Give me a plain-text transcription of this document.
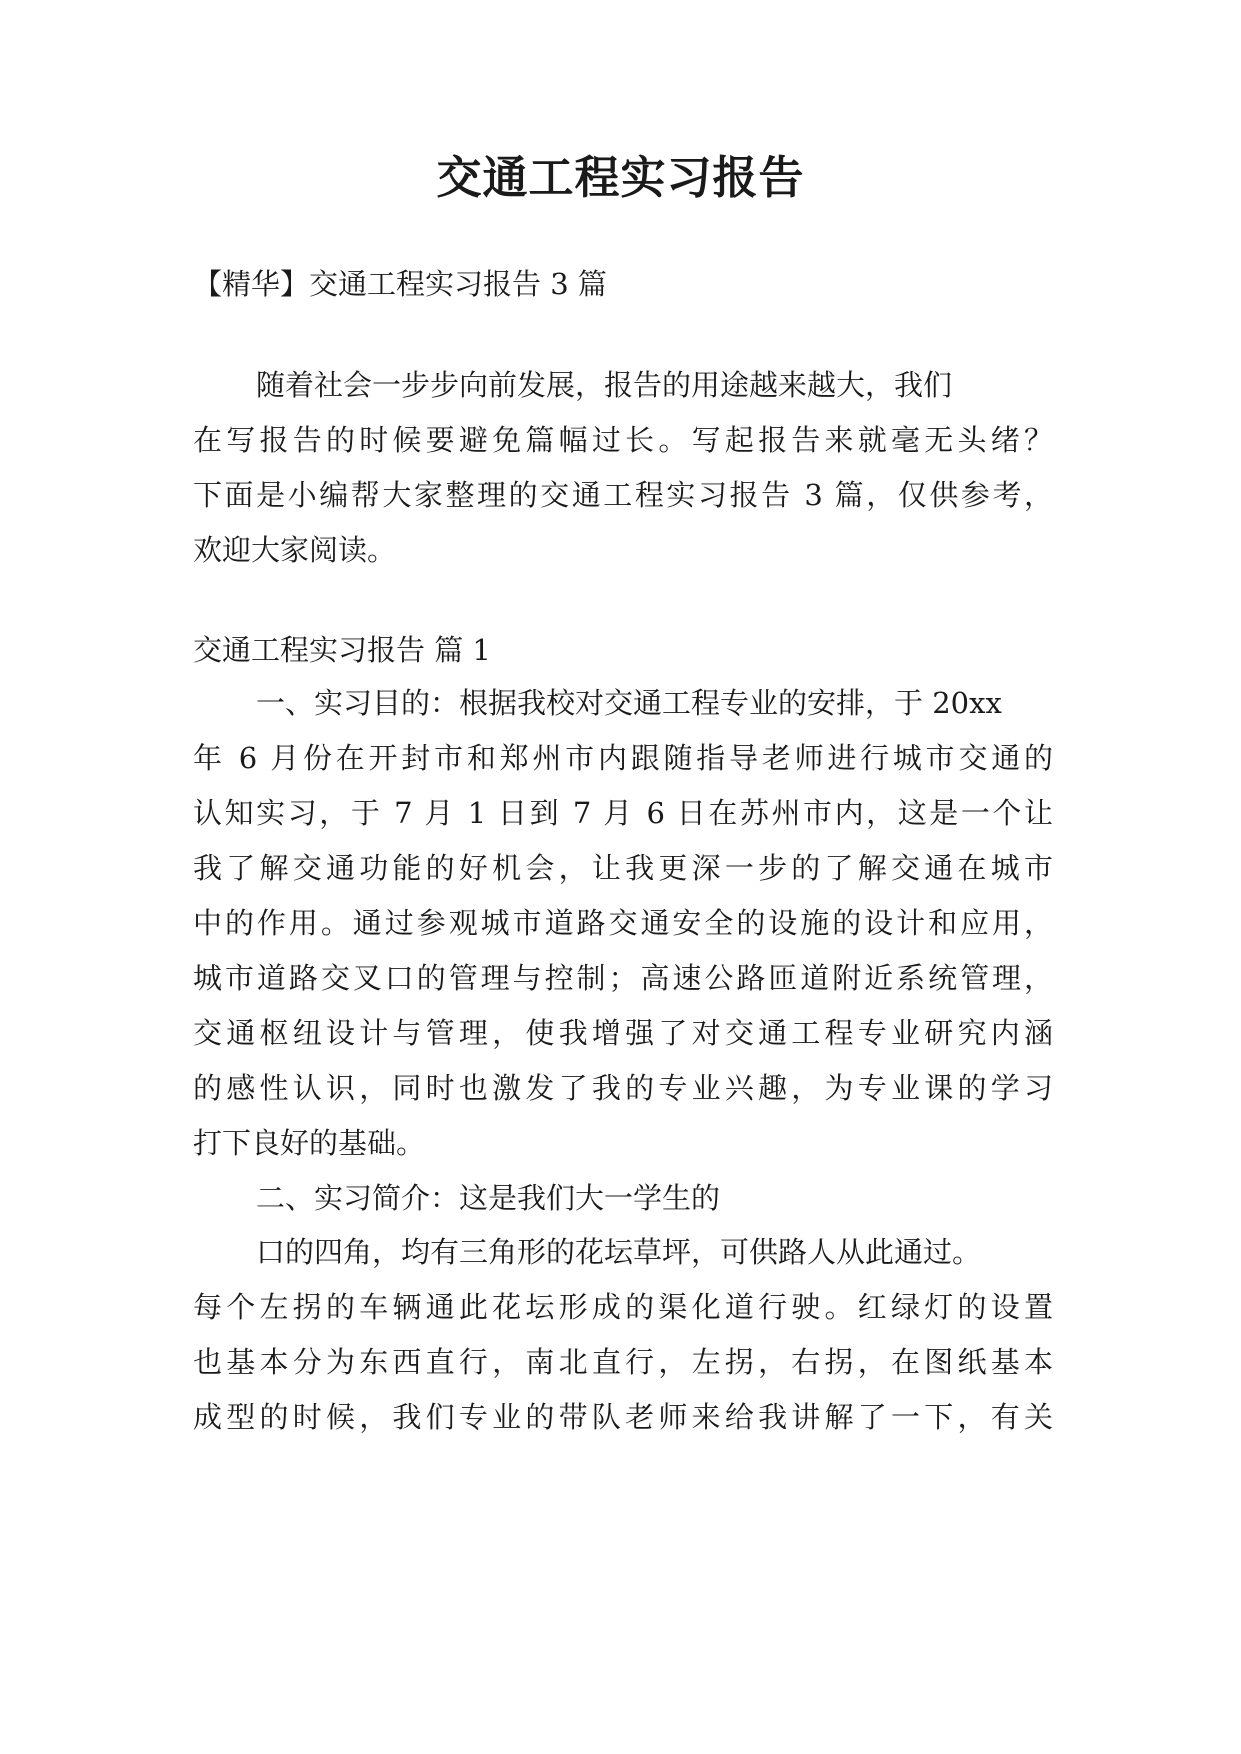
交通工程实习报告

【精华】交通工程实习报告 3 篇

随着社会一步步向前发展，报告的用途越来越大，我们

在写报告的时候要避免篇幅过长。写起报告来就毫无头绪？

下面是小编帮大家整理的交通工程实习报告 3 篇，仅供参考，

欢迎大家阅读。

交通工程实习报告 篇 1

一、实习目的：根据我校对交通工程专业的安排，于 20xx

年 6 月份在开封市和郑州市内跟随指导老师进行城市交通的

认知实习，于 7 月 1 日到 7 月 6 日在苏州市内，这是一个让

我了解交通功能的好机会，让我更深一步的了解交通在城市

中的作用。通过参观城市道路交通安全的设施的设计和应用，

城市道路交叉口的管理与控制；高速公路匝道附近系统管理，

交通枢纽设计与管理，使我增强了对交通工程专业研究内涵

的感性认识，同时也激发了我的专业兴趣，为专业课的学习

打下良好的基础。

二、实习简介：这是我们大一学生的

口的四角，均有三角形的花坛草坪，可供路人从此通过。

每个左拐的车辆通此花坛形成的渠化道行驶。红绿灯的设置

也基本分为东西直行，南北直行，左拐，右拐，在图纸基本

成型的时候，我们专业的带队老师来给我讲解了一下，有关
